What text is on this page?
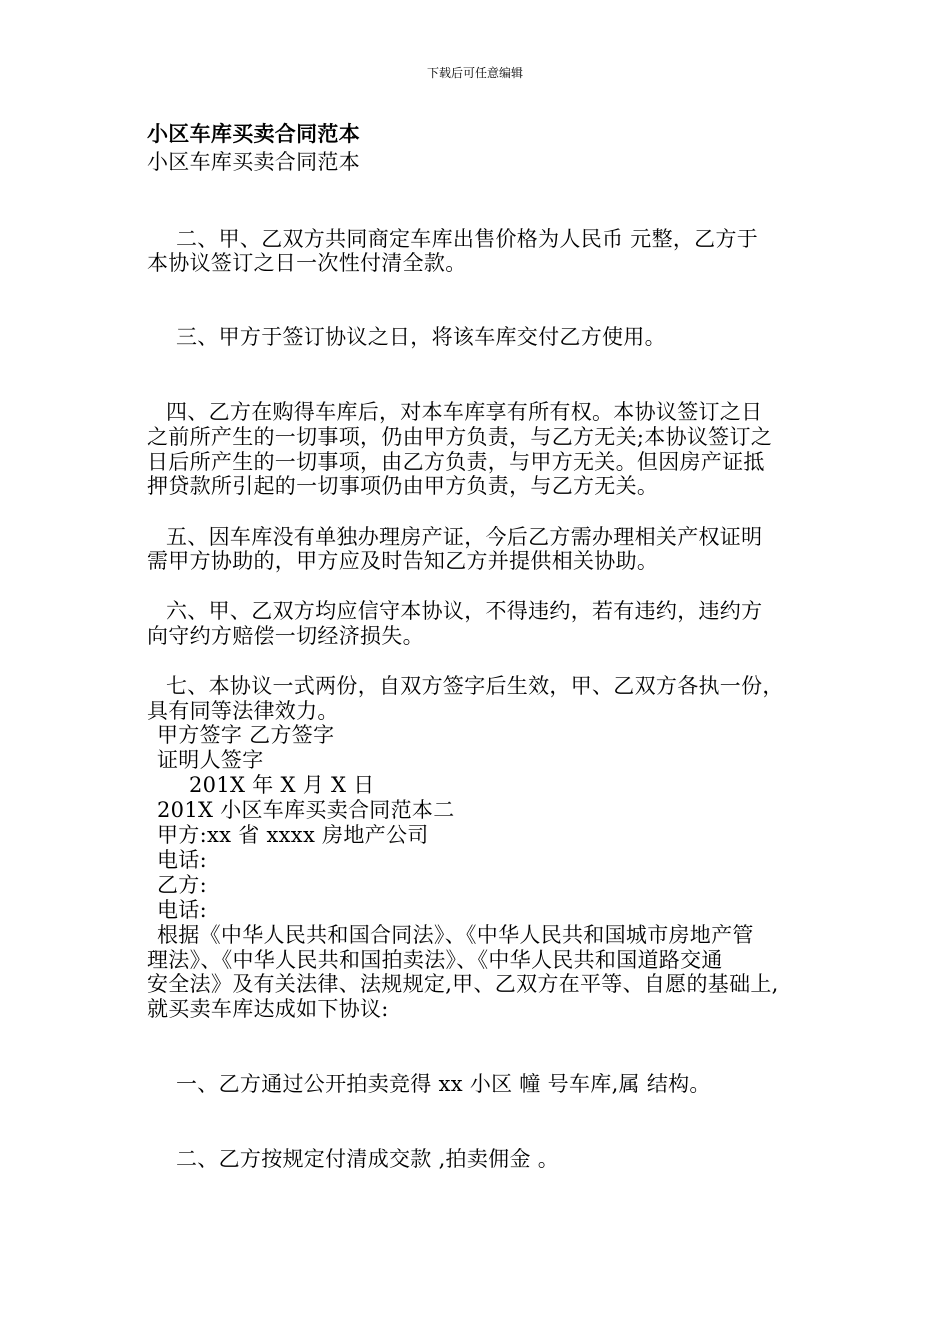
下载后可任意编辑
小区车库买卖合同范本
小区车库买卖合同范本
二、甲、乙双方共同商定车库出售价格为人民币 元整，乙方于
本协议签订之日一次性付清全款。
三、甲方于签订协议之日，将该车库交付乙方使用。
四、乙方在购得车库后，对本车库享有所有权。本协议签订之日
之前所产生的一切事项，仍由甲方负责，与乙方无关;本协议签订之
日后所产生的一切事项，由乙方负责，与甲方无关。但因房产证抵
押贷款所引起的一切事项仍由甲方负责，与乙方无关。
五、因车库没有单独办理房产证，今后乙方需办理相关产权证明
需甲方协助的，甲方应及时告知乙方并提供相关协助。
六、甲、乙双方均应信守本协议，不得违约，若有违约，违约方
向守约方赔偿一切经济损失。
七、本协议一式两份，自双方签字后生效，甲、乙双方各执一份，
具有同等法律效力。
甲方签字 乙方签字
证明人签字
201X 年 X 月 X 日
201X 小区车库买卖合同范本二
甲方:xx 省 xxxx 房地产公司
电话:
乙方:
电话:
根据《中华人民共和国合同法》、《中华人民共和国城市房地产管
理法》、《中华人民共和国拍卖法》、《中华人民共和国道路交通
安全法》及有关法律、法规规定,甲、乙双方在平等、自愿的基础上,
就买卖车库达成如下协议:
一、乙方通过公开拍卖竞得 xx 小区 幢 号车库,属 结构。
二、乙方按规定付清成交款 ,拍卖佣金 。
